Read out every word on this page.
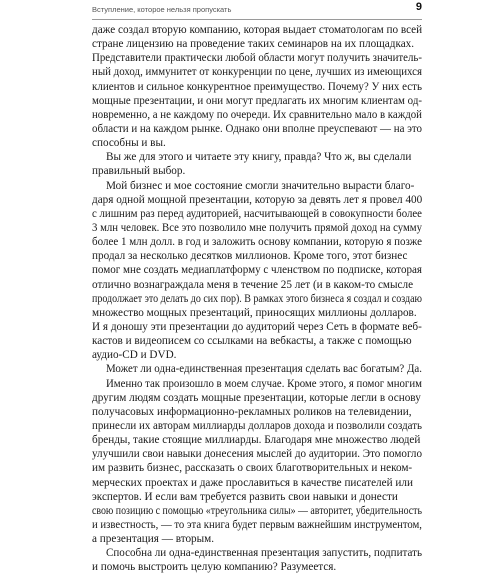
Вступление, которое нельзя пропускать	9
даже создал вторую компанию, которая выдает стоматологам по всей
стране лицензию на проведение таких семинаров на их площадках.
Представители практически любой области могут получить значитель-
ный доход, иммунитет от конкуренции по цене, лучших из имеющихся
клиентов и сильное конкурентное преимущество. Почему? У них есть
мощные презентации, и они могут предлагать их многим клиентам од-
новременно, а не каждому по очереди. Их сравнительно мало в каждой
области и на каждом рынке. Однако они вполне преуспевают — на это
способны и вы.
Вы же для этого и читаете эту книгу, правда? Что ж, вы сделали
правильный выбор.
Мой бизнес и мое состояние смогли значительно вырасти благо-
даря одной мощной презентации, которую за девять лет я провел 400
с лишним раз перед аудиторией, насчитывающей в совокупности более
3 млн человек. Все это позволило мне получить прямой доход на сумму
более 1 млн долл. в год и заложить основу компании, которую я позже
продал за несколько десятков миллионов. Кроме того, этот бизнес
помог мне создать медиаплатформу с членством по подписке, которая
отлично вознаграждала меня в течение 25 лет (и в каком-то смысле
продолжает это делать до сих пор). В рамках этого бизнеса я создал и создаю
множество мощных презентаций, приносящих миллионы долларов.
И я доношу эти презентации до аудиторий через Сеть в формате веб-
кастов и видеописем со ссылками на вебкасты, а также с помощью
аудио-CD и DVD.
Может ли одна-единственная презентация сделать вас богатым? Да.
Именно так произошло в моем случае. Кроме этого, я помог многим
другим людям создать мощные презентации, которые легли в основу
получасовых информационно-рекламных роликов на телевидении,
принесли их авторам миллиарды долларов дохода и позволили создать
бренды, такие стоящие миллиарды. Благодаря мне множество людей
улучшили свои навыки донесения мыслей до аудитории. Это помогло
им развить бизнес, рассказать о своих благотворительных и неком-
мерческих проектах и даже прославиться в качестве писателей или
экспертов. И если вам требуется развить свои навыки и донести
свою позицию с помощью «треугольника силы» — авторитет, убедительность
и известность, — то эта книга будет первым важнейшим инструментом,
а презентация — вторым.
Способна ли одна-единственная презентация запустить, подпитать
и помочь выстроить целую компанию? Разумеется.
